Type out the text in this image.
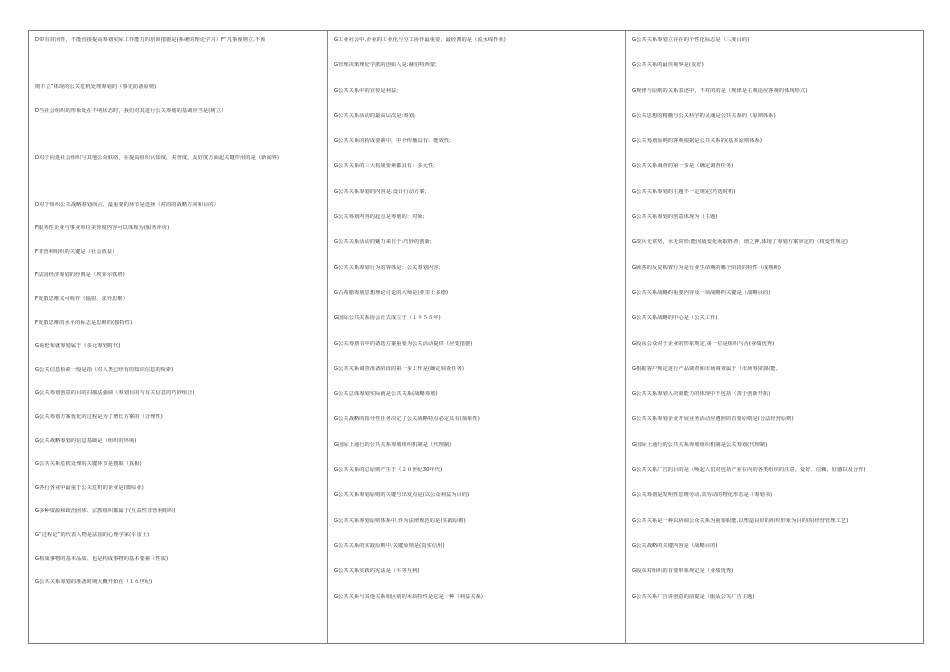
D带有封闭性，不能直接提高筹划实际工作能力的培训措施是(系统的理论学习）F“凡事预则立,不预
则不立”体现的公关危机处理筹划的（事先防备原则)
D当社会组织的形象处在不明状态时，我们对其进行公关筹划的基调应当是(树立）
D对于向进社会组织与其他公众联络，在提高组织认知度，美誉度，友好度方面起关键作用的是（新闻界)
D对于组织公关战略筹划而言，最重要的环节是选择（对的的战略方向和目的）
F服务性企业与事业单位美誉度内容可以体现为(服务评价)
F非营利组织的关键是（社会效益）
F法国经济筹划的经典是（埃菲尔铁塔)
F发散思维又可称作（辐射、求异思维）
F发散思维的水平的标志是思维的(独特性)
G哥伦布就筹划属于（多元筹划时代)
G公关信息检索一般是指（对人类已经有的知识信息的检索)
G公关筹划创意的目的扫描法强调（筹划目的与有关信息的巧妙组合)
G公关筹划方案优化的过程是为了增长方案的（合理性)
G公关战略筹划的信息基础是（组织的环境)
G公共关系危机处理的关键环节是搜取（真相)
G各行各业中最重于公关危机的企业是(微综业)
G多种资源和政治团体、宗教组织都属于(互益性非营利组织)
G“过程论”的代表人物是法国的心理学家(平雷士)
G构成事物的基本品质、也是构成事物的基本要素（性质)
G公共关系筹划的准备时期大概开始在（１６世纪)
G工业社会中,企业的工业化与分工协作最重要、最经典的是（流水线作业)
G管理决策理论学派的创始人是:赫伯特西蒙;
G公共关系中的宣传是利益;
G公共关系活动的最高层次是:筹划;
G公共关系的构成要素中，中介传播具有：能效性;
G公共关系的三大构成要素都具有：多元性;
G公共关系筹划的内容是:设计行动方案;
G公关筹划内容的起点是筹划的：对象;
G公共关系活动的魅力来自于:巧妙的创新;
G公共关系筹划行为的客体是：公关筹划内容;
G古希腊筹划思想理论讨论的大师是(亚里士多德)
G国际公共关系协会正式成立于（１９５５年)
G公关筹划书中的备选方案重要为公关活动提供（应变措施)
G公共关系调查准备阶段的第一步工作是(确定调查任务)
G公关总体筹划实际就是公共关系(战略筹划)
G公关战略的指导性任务决定了公关战略特点必定具有(抽象性)
G国际上通行的公共关系筹划组织机制是（代理制)
G公共关系的总原则产生于（２０世纪30年代)
G公共关系筹划原则的关键与出发点是(以公众利益为目的)
G公共关系筹划原则体系中,作为法律规范的是(实践原则)
G公共关系的实践原则中,关键原则是(真实信用)
G公共关系实践的宪法是（平等互利)
G公共关系与其他关系相区别的本质特性是它是一种（利益关系)
G公共关系筹划立存在的个性化标志是（三度目的)
G公共关系的最佳境界是(友好)
G规律与原则的关系表述中，不对的的是（规律是主观适应客观的体现形式)
G公关思想的精髓与公关科学的灵魂是公共关系的（原则体系)
G公关筹划原则的客观根据是公共关系的(基本原则体系)
G公共关系调查的第一步是（确定调查任务)
G公共关系筹划的主题不一定规定(巧选时机)
G公共关系筹划的创意体现为（主题)
G故兵无常势，水无常形;能因敌变化而取胜者，谓之神,体现了筹划方案审定的（权变性规定)
G顾客的反复购置行为是行业生命期的哪个阶段的特性（成熟期)
G公共关系战略约重要内容及一项战略约关键是（战略目的)
G公共关系战略的中心是（公关工作)
G股东公众对于企业的形象规定,第一位是组织与否(业绩优秀)
G根据客户规定进行产品调查和市场调查属于（市场筹)的职能。
G公共关系筹划人决策能力的体现中不包括（善于创新开拓)
G公共关系筹划企业开展业务活动应遵照的首要原则是(合法经营原则)
G国际上通行的公共关系筹划组织机制是公关筹划(代理制)
G公共关系广告的目的是（唤起人们对包括产业在内的各类组织的注意、爱好、信赖、好感以及合作)
G公关筹划是发明性思维劳动,其劳动的物化形态是（筹划书)
G公共关系是一种以协调公众关系为重要职能,以塑造良好的组织形象为目的的(经营管理工艺)
G公关战略的关键内容是（战略目的)
G股东对组织的首要形象规定是（业绩优秀)
G公共关系广告讲创意的前提是（服从公关广告主题)
